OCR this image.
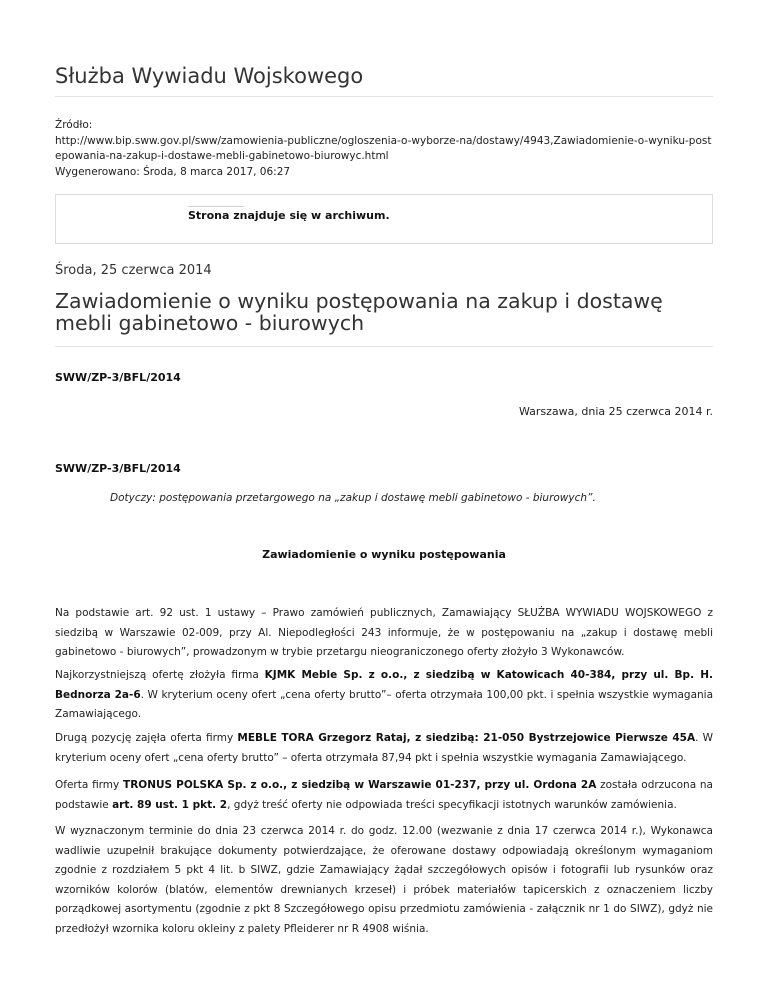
Służba Wywiadu Wojskowego
Źródło:
http://www.bip.sww.gov.pl/sww/zamowienia-publiczne/ogloszenia-o-wyborze-na/dostawy/4943,Zawiadomienie-o-wyniku-postepowania-na-zakup-i-dostawe-mebli-gabinetowo-biurowyc.html
Wygenerowano: Środa, 8 marca 2017, 06:27
Strona znajduje się w archiwum.
Środa, 25 czerwca 2014
Zawiadomienie o wyniku postępowania na zakup i dostawę mebli gabinetowo - biurowych
SWW/ZP-3/BFL/2014
Warszawa, dnia 25 czerwca 2014 r.
SWW/ZP-3/BFL/2014
Dotyczy: postępowania przetargowego na „zakup i dostawę mebli gabinetowo - biurowych”.
Zawiadomienie o wyniku postępowania

Na podstawie art. 92 ust. 1 ustawy – Prawo zamówień publicznych, Zamawiający SŁUŻBA WYWIADU WOJSKOWEGO z siedzibą w Warszawie 02-009, przy Al. Niepodległości 243 informuje, że w postępowaniu na „zakup i dostawę mebli gabinetowo - biurowych”, prowadzonym w trybie przetargu nieograniczonego oferty złożyło 3 Wykonawców.

Najkorzystniejszą ofertę złożyła firma KJMK Meble Sp. z o.o., z siedzibą w Katowicach 40-384, przy ul. Bp. H. Bednorza 2a-6. W kryterium oceny ofert „cena oferty brutto”– oferta otrzymała 100,00 pkt. i spełnia wszystkie wymagania Zamawiającego.

Drugą pozycję zajęła oferta firmy MEBLE TORA Grzegorz Rataj, z siedzibą: 21-050 Bystrzejowice Pierwsze 45A. W kryterium oceny ofert „cena oferty brutto” – oferta otrzymała 87,94 pkt i spełnia wszystkie wymagania Zamawiającego.

Oferta firmy TRONUS POLSKA Sp. z o.o., z siedzibą w Warszawie 01-237, przy ul. Ordona 2A została odrzucona na podstawie art. 89 ust. 1 pkt. 2, gdyż treść oferty nie odpowiada treści specyfikacji istotnych warunków zamówienia.

W wyznaczonym terminie do dnia 23 czerwca 2014 r. do godz. 12.00 (wezwanie z dnia 17 czerwca 2014 r.), Wykonawca wadliwie uzupełnił brakujące dokumenty potwierdzające, że oferowane dostawy odpowiadają określonym wymaganiom zgodnie z rozdziałem 5 pkt 4 lit. b SIWZ, gdzie Zamawiający żądał szczegółowych opisów i fotografii lub rysunków oraz wzorników kolorów (blatów, elementów drewnianych krzeseł) i próbek materiałów tapicerskich z oznaczeniem liczby porządkowej asortymentu (zgodnie z pkt 8 Szczegółowego opisu przedmiotu zamówienia - załącznik nr 1 do SIWZ), gdyż nie przedłożył wzornika koloru okleiny z palety Pfleiderer nr R 4908 wiśnia.
